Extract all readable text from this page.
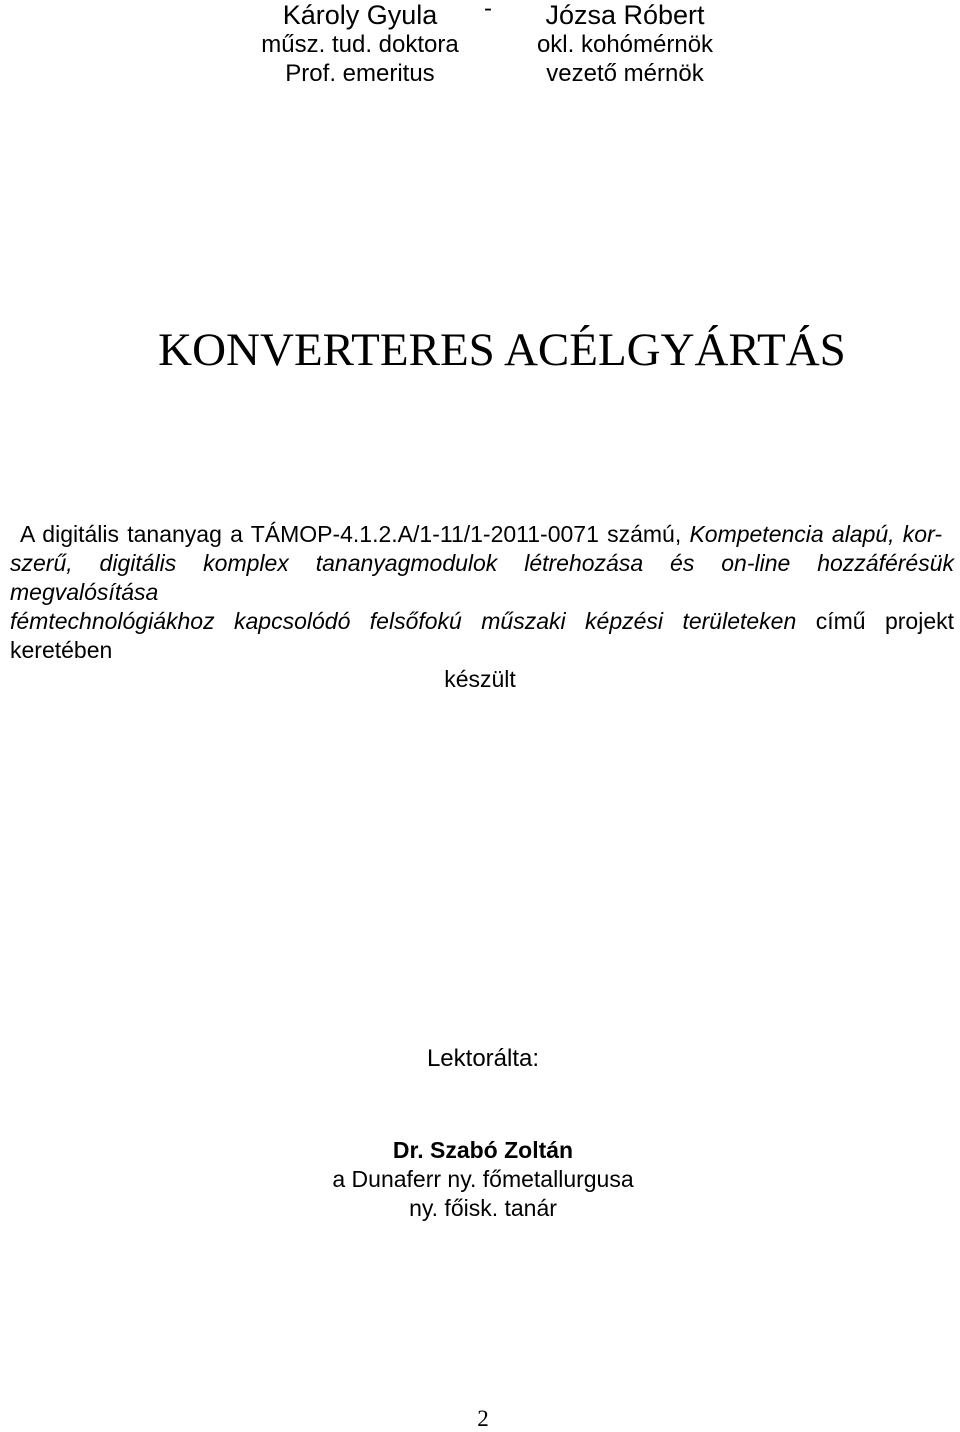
Károly Gyula
műsz. tud. doktora
Prof. emeritus
-	Józsa Róbert
okl. kohómérnök
vezető mérnök
KONVERTERES ACÉLGYÁRTÁS
A digitális tananyag a TÁMOP-4.1.2.A/1-11/1-2011-0071 számú, Kompetencia alapú, kor-
szerű, digitális komplex tananyagmodulok létrehozása és on-line hozzáférésük megvalósítása
fémtechnológiákhoz kapcsolódó felsőfokú műszaki képzési területeken című projekt keretében
készült
Lektorálta:
Dr. Szabó Zoltán
a Dunaferr ny. főmetallurgusa
ny. főisk. tanár
2
